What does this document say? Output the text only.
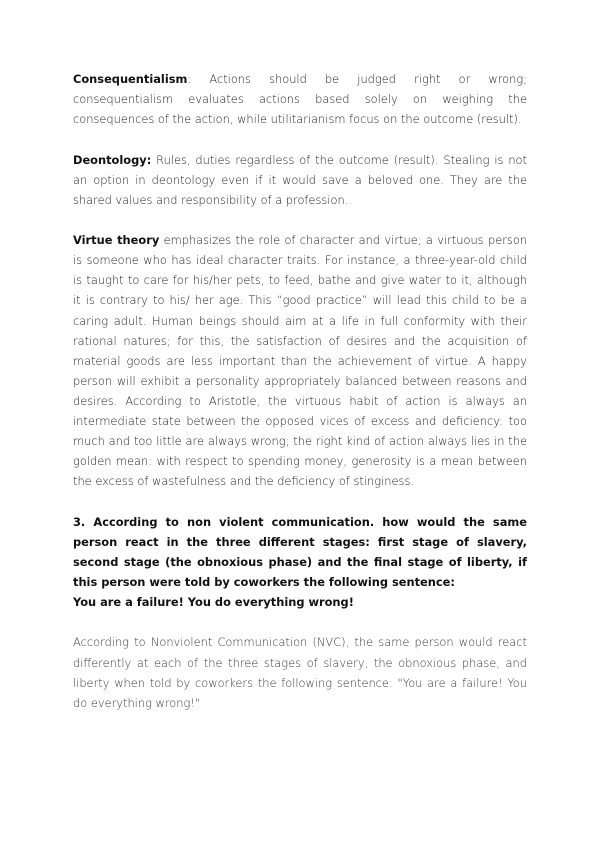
Consequentialism: Actions should be judged right or wrong; consequentialism evaluates actions based solely on weighing the consequences of the action, while utilitarianism focus on the outcome (result).

Deontology: Rules, duties regardless of the outcome (result). Stealing is not an option in deontology even if it would save a beloved one. They are the shared values and responsibility of a profession.

Virtue theory emphasizes the role of character and virtue; a virtuous person is someone who has ideal character traits. For instance, a three-year-old child is taught to care for his/her pets, to feed, bathe and give water to it, although it is contrary to his/ her age. This “good practice” will lead this child to be a caring adult. Human beings should aim at a life in full conformity with their rational natures; for this, the satisfaction of desires and the acquisition of material goods are less important than the achievement of virtue. A happy person will exhibit a personality appropriately balanced between reasons and desires. According to Aristotle, the virtuous habit of action is always an intermediate state between the opposed vices of excess and deficiency: too much and too little are always wrong; the right kind of action always lies in the golden mean: with respect to spending money, generosity is a mean between the excess of wastefulness and the deficiency of stinginess.

3. According to non violent communication. how would the same person react in the three different stages: first stage of slavery, second stage (the obnoxious phase) and the final stage of liberty, if this person were told by coworkers the following sentence:
You are a failure! You do everything wrong!

According to Nonviolent Communication (NVC), the same person would react differently at each of the three stages of slavery, the obnoxious phase, and liberty when told by coworkers the following sentence: "You are a failure! You do everything wrong!"
